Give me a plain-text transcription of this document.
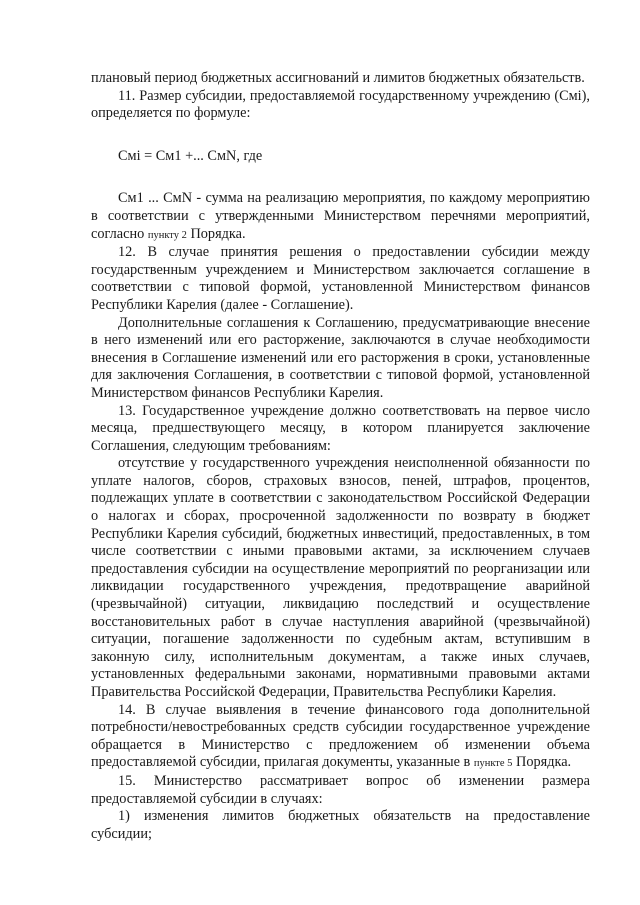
плановый период бюджетных ассигнований и лимитов бюджетных обязательств.

11. Размер субсидии, предоставляемой государственному учреждению (Смi), определяется по формуле:

Смi = См1 +... СмN, где

См1 ... СмN - сумма на реализацию мероприятия, по каждому мероприятию в соответствии с утвержденными Министерством перечнями мероприятий, согласно пункту 2 Порядка.

12. В случае принятия решения о предоставлении субсидии между государственным учреждением и Министерством заключается соглашение в соответствии с типовой формой, установленной Министерством финансов Республики Карелия (далее - Соглашение).

Дополнительные соглашения к Соглашению, предусматривающие внесение в него изменений или его расторжение, заключаются в случае необходимости внесения в Соглашение изменений или его расторжения в сроки, установленные для заключения Соглашения, в соответствии с типовой формой, установленной Министерством финансов Республики Карелия.

13. Государственное учреждение должно соответствовать на первое число месяца, предшествующего месяцу, в котором планируется заключение Соглашения, следующим требованиям:

отсутствие у государственного учреждения неисполненной обязанности по уплате налогов, сборов, страховых взносов, пеней, штрафов, процентов, подлежащих уплате в соответствии с законодательством Российской Федерации о налогах и сборах, просроченной задолженности по возврату в бюджет Республики Карелия субсидий, бюджетных инвестиций, предоставленных, в том числе соответствии с иными правовыми актами, за исключением случаев предоставления субсидии на осуществление мероприятий по реорганизации или ликвидации государственного учреждения, предотвращение аварийной (чрезвычайной) ситуации, ликвидацию последствий и осуществление восстановительных работ в случае наступления аварийной (чрезвычайной) ситуации, погашение задолженности по судебным актам, вступившим в законную силу, исполнительным документам, а также иных случаев, установленных федеральными законами, нормативными правовыми актами Правительства Российской Федерации, Правительства Республики Карелия.

14. В случае выявления в течение финансового года дополнительной потребности/невостребованных средств субсидии государственное учреждение обращается в Министерство с предложением об изменении объема предоставляемой субсидии, прилагая документы, указанные в пункте 5 Порядка.

15. Министерство рассматривает вопрос об изменении размера предоставляемой субсидии в случаях:

1) изменения лимитов бюджетных обязательств на предоставление субсидии;
